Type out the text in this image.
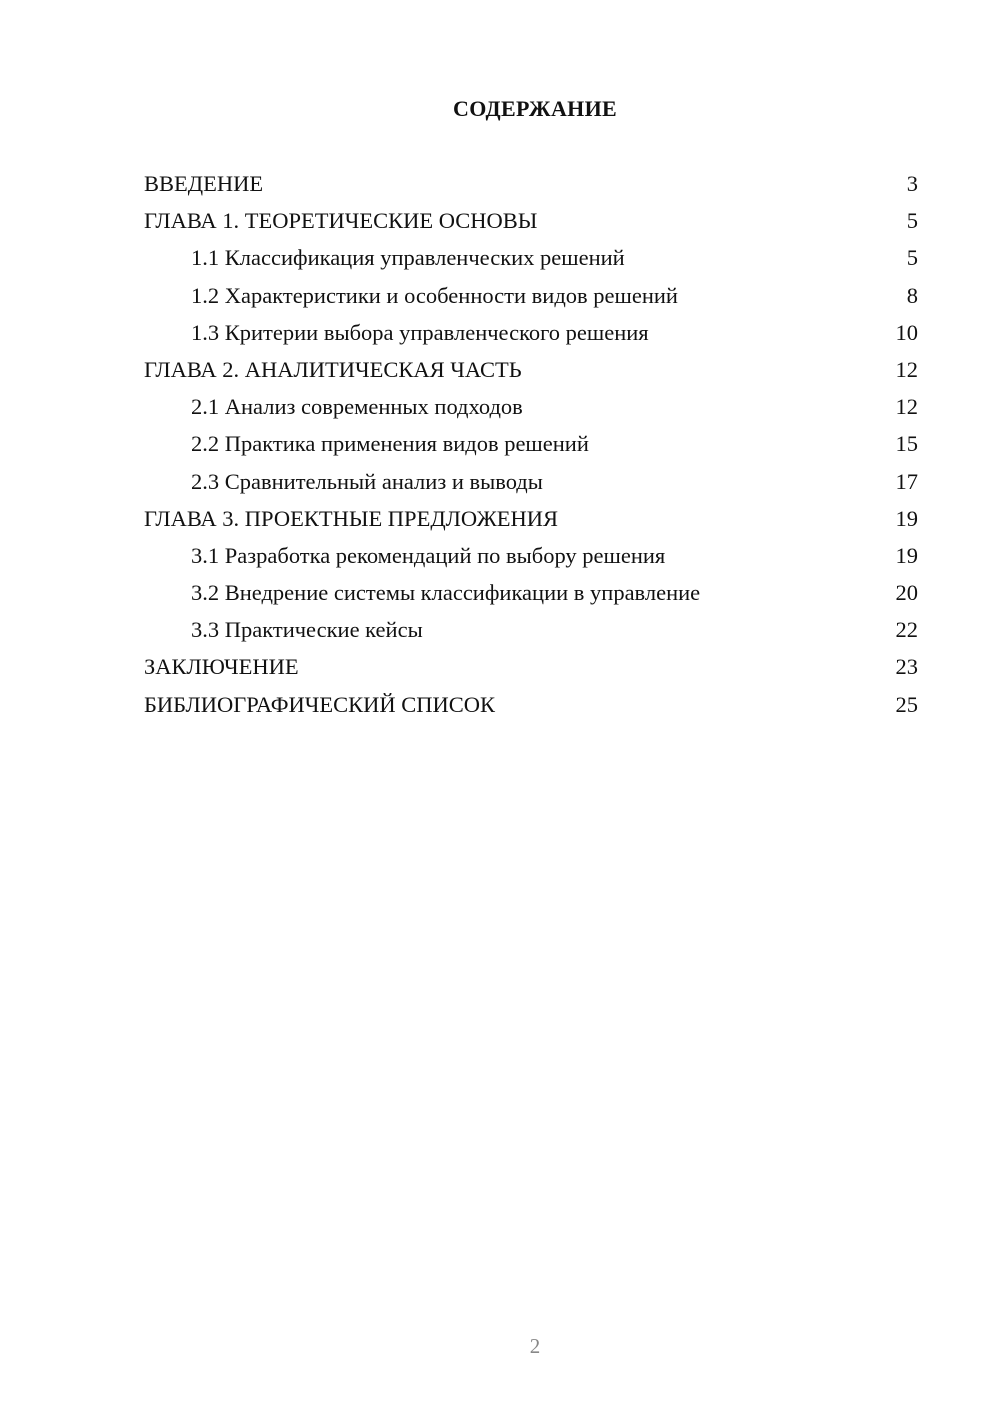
СОДЕРЖАНИЕ
ВВЕДЕНИЕ	3
ГЛАВА 1. ТЕОРЕТИЧЕСКИЕ ОСНОВЫ	5
1.1 Классификация управленческих решений	5
1.2 Характеристики и особенности видов решений	8
1.3 Критерии выбора управленческого решения	10
ГЛАВА 2. АНАЛИТИЧЕСКАЯ ЧАСТЬ	12
2.1 Анализ современных подходов	12
2.2 Практика применения видов решений	15
2.3 Сравнительный анализ и выводы	17
ГЛАВА 3. ПРОЕКТНЫЕ ПРЕДЛОЖЕНИЯ	19
3.1 Разработка рекомендаций по выбору решения	19
3.2 Внедрение системы классификации в управление	20
3.3 Практические кейсы	22
ЗАКЛЮЧЕНИЕ	23
БИБЛИОГРАФИЧЕСКИЙ СПИСОК	25
2
